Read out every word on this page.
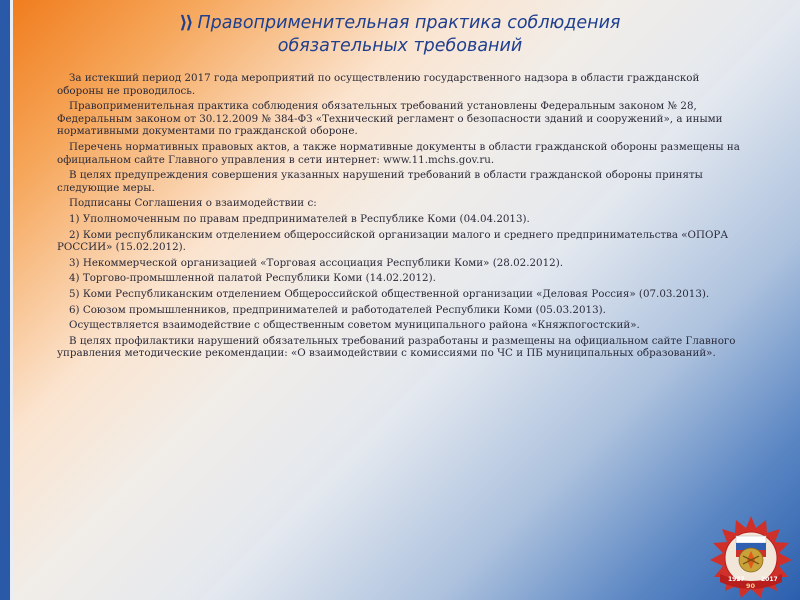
⟩⟩ Правоприменительная практика соблюдения
обязательных требований

За истекший период 2017 года мероприятий по осуществлению государственного надзора в области гражданской обороны не проводилось.

Правоприменительная практика соблюдения обязательных требований установлены Федеральным законом № 28, Федеральным законом от 30.12.2009 № 384-ФЗ «Технический регламент о безопасности зданий и сооружений», а иными нормативными документами по гражданской обороне.

Перечень нормативных правовых актов, а также нормативные документы в области гражданской обороны размещены на официальном сайте Главного управления в сети интернет: www.11.mchs.gov.ru.

В целях предупреждения совершения указанных нарушений требований в области гражданской обороны приняты следующие меры.

Подписаны Соглашения о взаимодействии с:

1) Уполномоченным по правам предпринимателей в Республике Коми (04.04.2013).

2) Коми республиканским отделением общероссийской организации малого и среднего предпринимательства «ОПОРА РОССИИ» (15.02.2012).

3) Некоммерческой организацией «Торговая ассоциация Республики Коми» (28.02.2012).

4) Торгово-промышленной палатой Республики Коми (14.02.2012).

5) Коми Республиканским отделением Общероссийской общественной организации «Деловая Россия» (07.03.2013).

6) Союзом промышленников, предпринимателей и работодателей Республики Коми (05.03.2013).

Осуществляется взаимодействие с общественным советом муниципального района «Княжпогостский».

В целях профилактики нарушений обязательных требований разработаны и размещены на официальном сайте Главного управления методические рекомендации: «О взаимодействии с комиссиями по ЧС и ПБ муниципальных образований».

1927	2017
90
